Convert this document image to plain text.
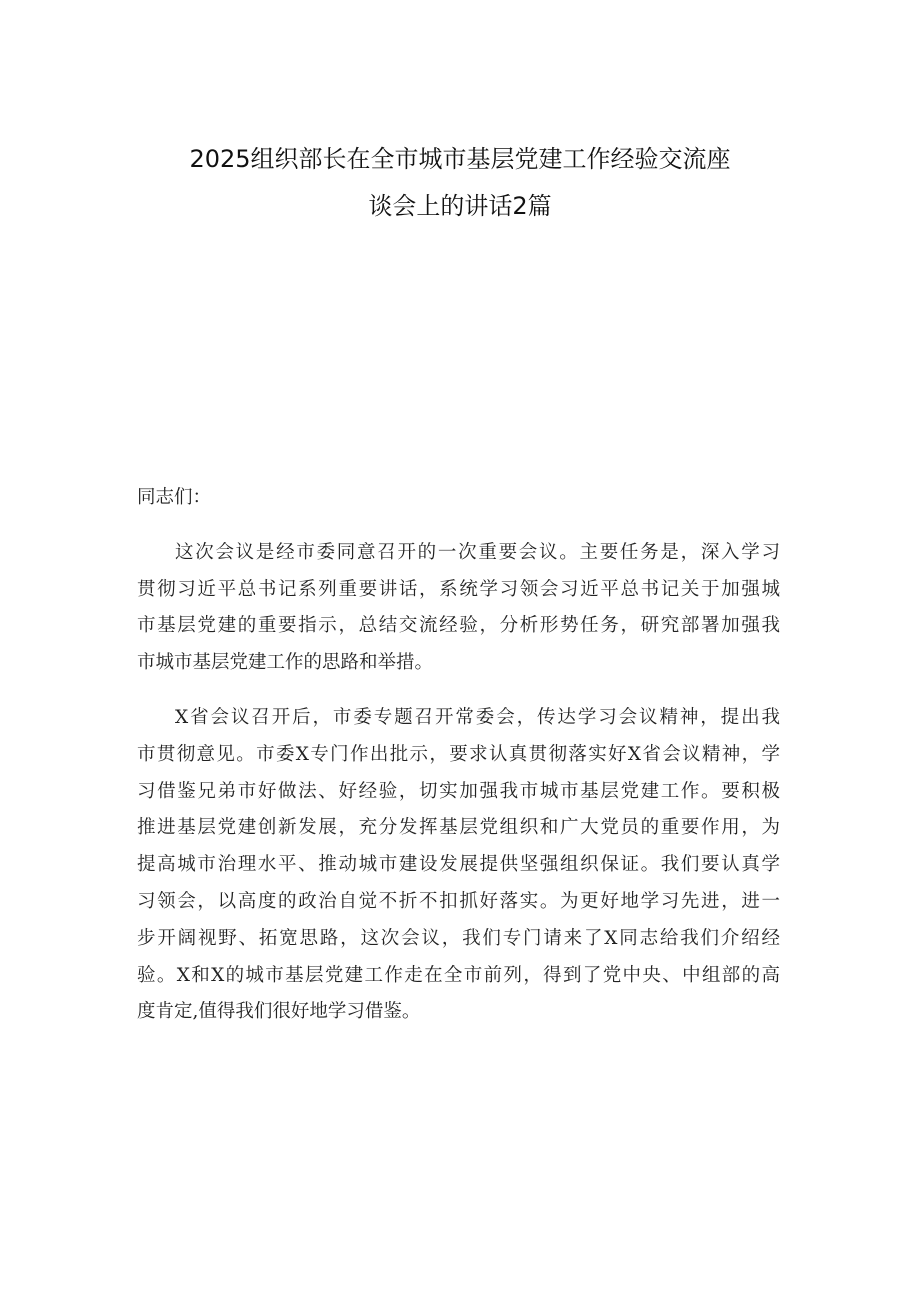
2025组织部长在全市城市基层党建工作经验交流座
谈会上的讲话2篇
同志们：
这次会议是经市委同意召开的一次重要会议。主要任务是，深入学习
贯彻习近平总书记系列重要讲话，系统学习领会习近平总书记关于加强城
市基层党建的重要指示，总结交流经验，分析形势任务，研究部署加强我
市城市基层党建工作的思路和举措。
X省会议召开后，市委专题召开常委会，传达学习会议精神，提出我
市贯彻意见。市委X专门作出批示，要求认真贯彻落实好X省会议精神，学
习借鉴兄弟市好做法、好经验，切实加强我市城市基层党建工作。要积极
推进基层党建创新发展，充分发挥基层党组织和广大党员的重要作用，为
提高城市治理水平、推动城市建设发展提供坚强组织保证。我们要认真学
习领会，以高度的政治自觉不折不扣抓好落实。为更好地学习先进，进一
步开阔视野、拓宽思路，这次会议，我们专门请来了X同志给我们介绍经
验。X和X的城市基层党建工作走在全市前列，得到了党中央、中组部的高
度肯定,值得我们很好地学习借鉴。
